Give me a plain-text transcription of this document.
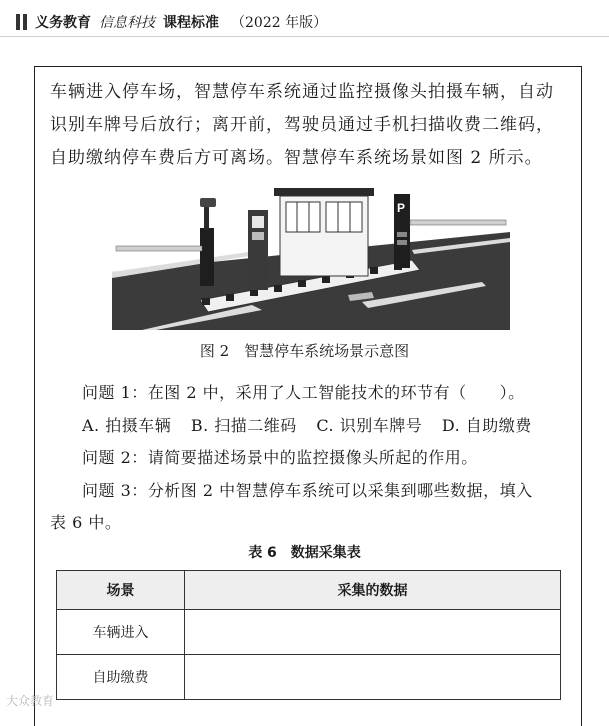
义务教育 信息科技 课程标准 （2022 年版）

车辆进入停车场，智慧停车系统通过监控摄像头拍摄车辆，自动识别车牌号后放行；离开前，驾驶员通过手机扫描收费二维码，自助缴纳停车费后方可离场。智慧停车系统场景如图 2 所示。

P
图 2　智慧停车系统场景示意图

问题 1：在图 2 中，采用了人工智能技术的环节有（　　）。

A. 拍摄车辆 B. 扫描二维码 C. 识别车牌号 D. 自助缴费

问题 2：请简要描述场景中的监控摄像头所起的作用。

问题 3：分析图 2 中智慧停车系统可以采集到哪些数据，填入

表 6 中。

表 6　数据采集表
场景	采集的数据
车辆进入	
自助缴费	
大众教育
